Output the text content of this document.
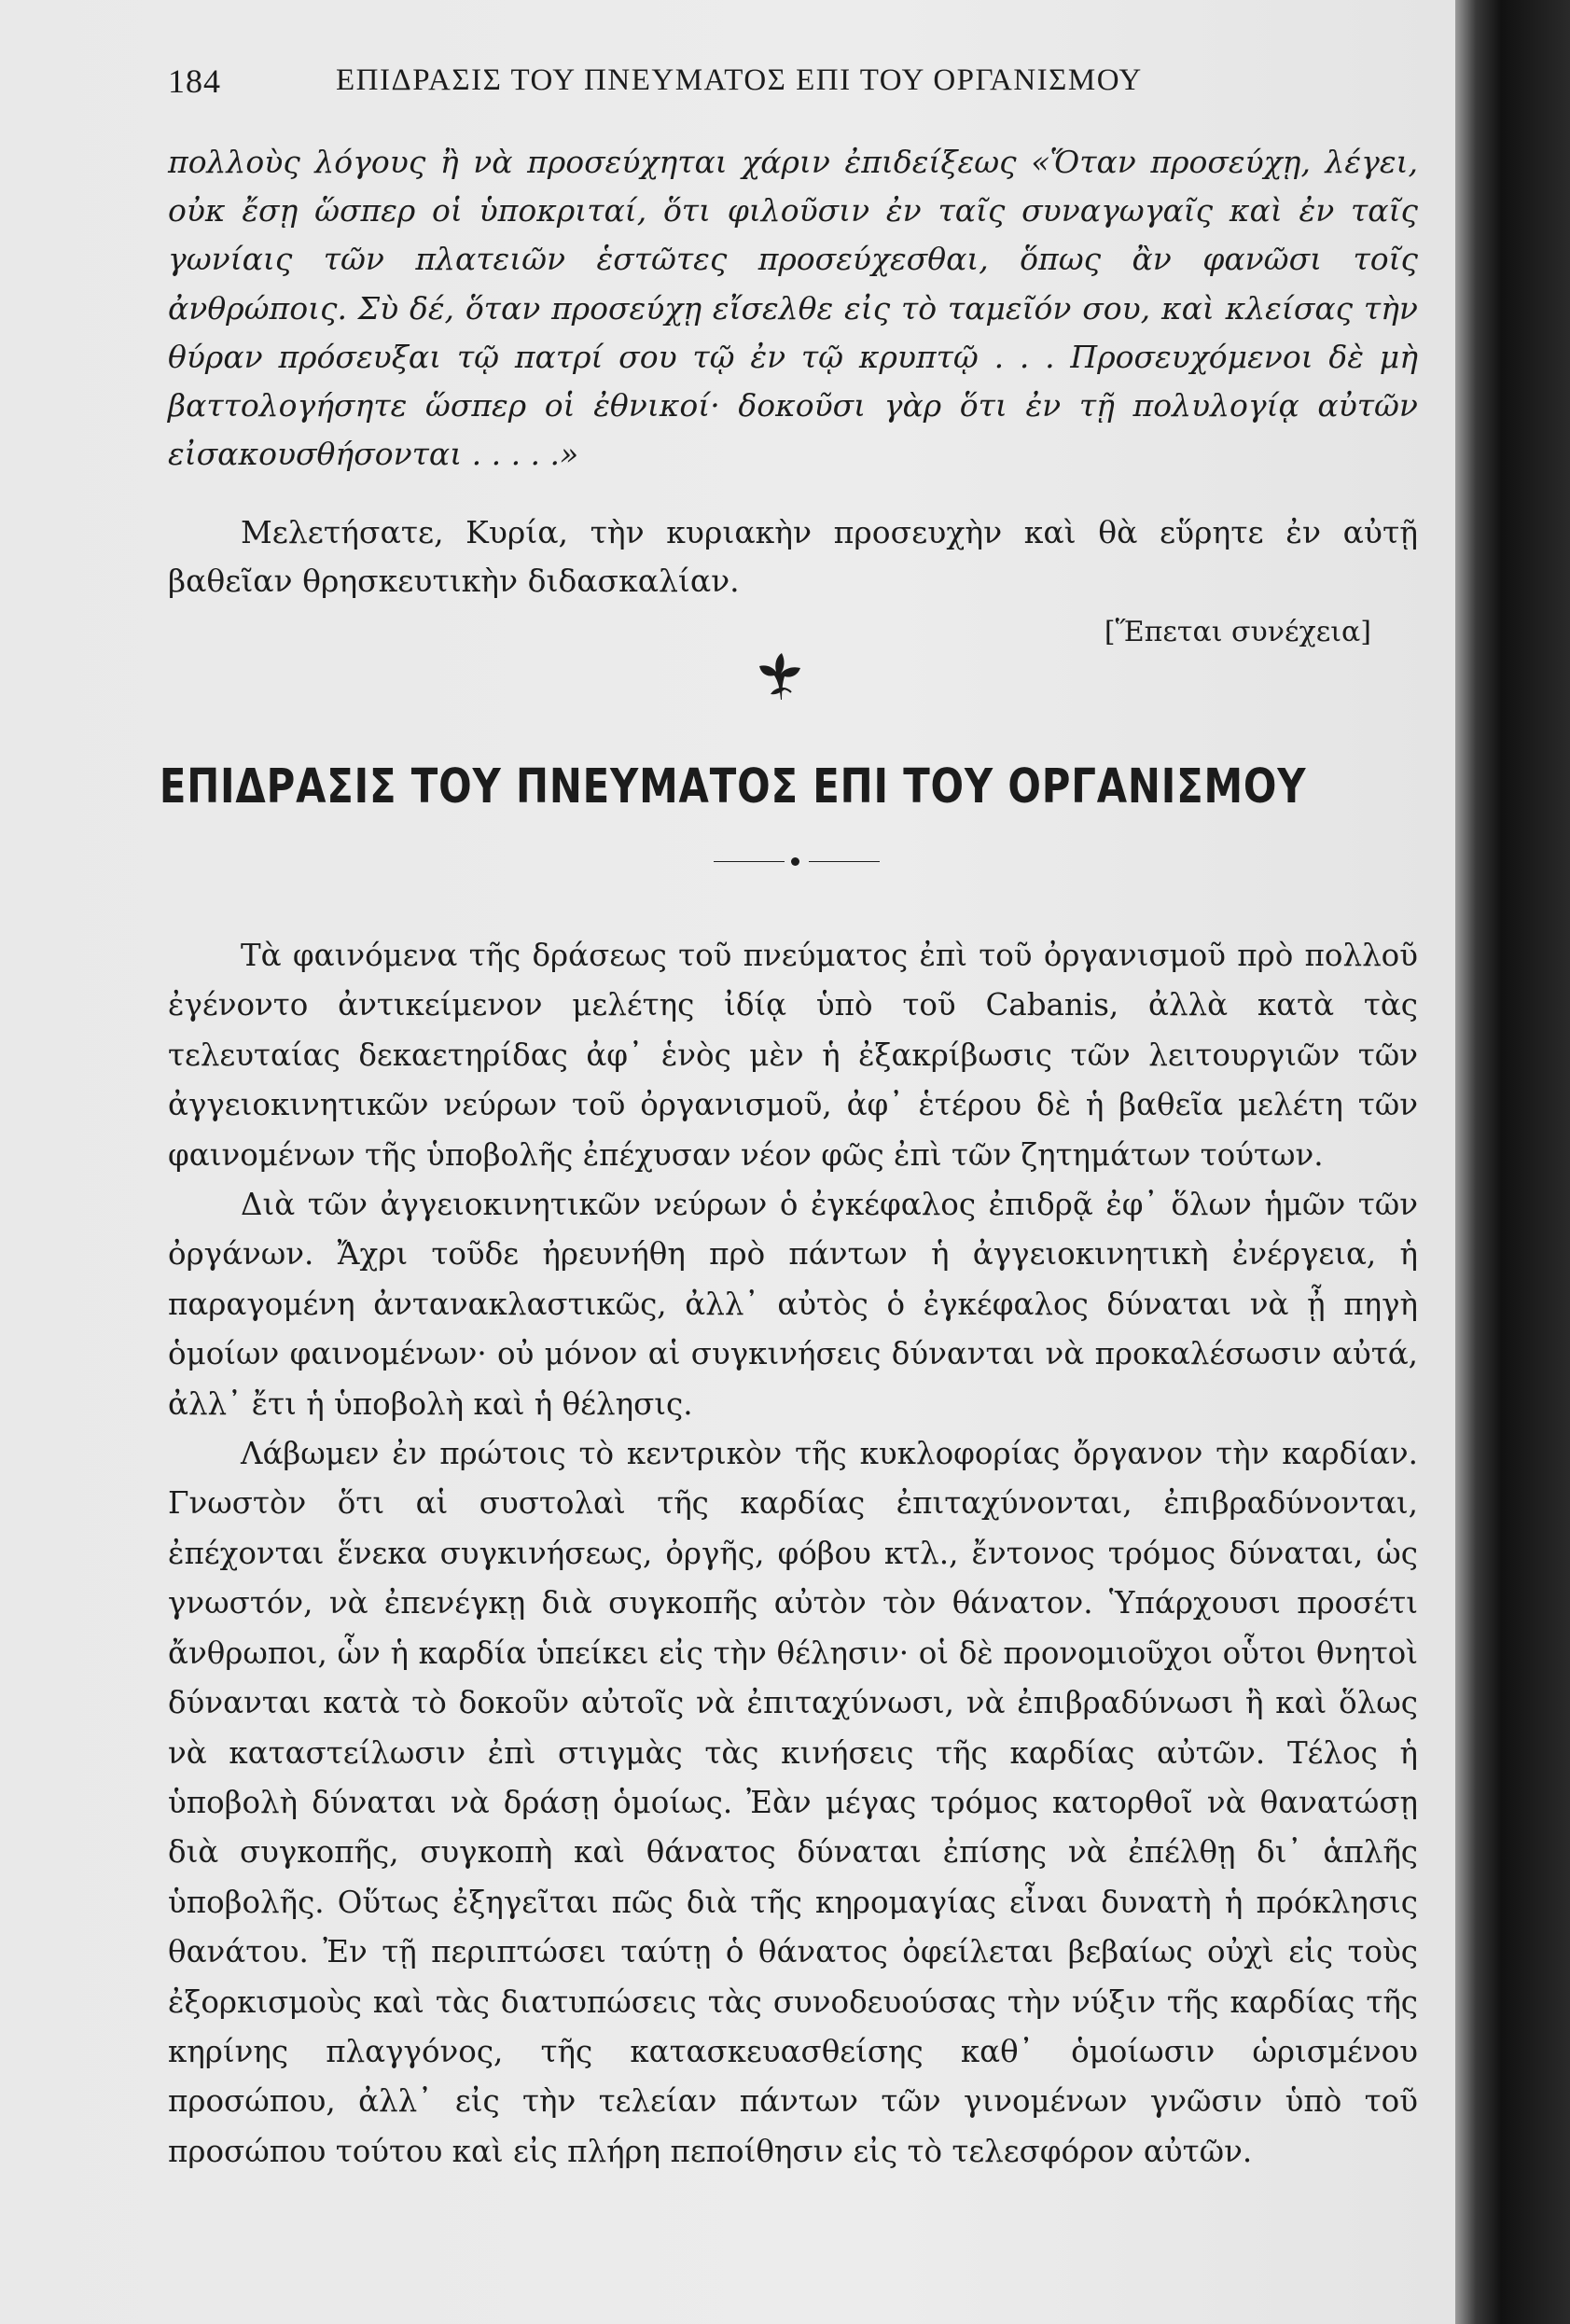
184	ΕΠΙΔΡΑΣΙΣ ΤΟΥ ΠΝΕΥΜΑΤΟΣ ΕΠΙ ΤΟΥ ΟΡΓΑΝΙΣΜΟΥ

πολλοὺς λόγους ἢ νὰ προσεύχηται χάριν ἐπιδείξεως «Ὅταν προσεύχῃ, λέγει, οὐκ ἔσῃ ὥσπερ οἱ ὑποκριταί, ὅτι φιλοῦσιν ἐν ταῖς συναγωγαῖς καὶ ἐν ταῖς γωνίαις τῶν πλατειῶν ἑστῶτες προσεύχεσθαι, ὅπως ἂν φανῶσι τοῖς ἀνθρώποις. Σὺ δέ, ὅταν προσεύχῃ εἴσελθε εἰς τὸ ταμεῖόν σου, καὶ κλείσας τὴν θύραν πρόσευξαι τῷ πατρί σου τῷ ἐν τῷ κρυπτῷ . . . Προσευχόμενοι δὲ μὴ βαττολογήσητε ὥσπερ οἱ ἐθνικοί· δοκοῦσι γὰρ ὅτι ἐν τῇ πολυλογίᾳ αὐτῶν εἰσακουσθήσονται . . . . .»

Μελετήσατε, Κυρία, τὴν κυριακὴν προσευχὴν καὶ θὰ εὕρητε ἐν αὐτῇ βαθεῖαν θρησκευτικὴν διδασκαλίαν.

[Ἕπεται συνέχεια]
ΕΠΙΔΡΑΣΙΣ ΤΟΥ ΠΝΕΥΜΑΤΟΣ ΕΠΙ ΤΟΥ ΟΡΓΑΝΙΣΜΟΥ

Τὰ φαινόμενα τῆς δράσεως τοῦ πνεύματος ἐπὶ τοῦ ὀργανισμοῦ πρὸ πολλοῦ ἐγένοντο ἀντικείμενον μελέτης ἰδίᾳ ὑπὸ τοῦ Cabanis, ἀλλὰ κατὰ τὰς τελευταίας δεκαετηρίδας ἀφ᾽ ἑνὸς μὲν ἡ ἐξακρίβωσις τῶν λειτουργιῶν τῶν ἀγγειοκινητικῶν νεύρων τοῦ ὀργανισμοῦ, ἀφ᾽ ἑτέρου δὲ ἡ βαθεῖα μελέτη τῶν φαινομένων τῆς ὑποβολῆς ἐπέχυσαν νέον φῶς ἐπὶ τῶν ζητημάτων τούτων.

Διὰ τῶν ἀγγειοκινητικῶν νεύρων ὁ ἐγκέφαλος ἐπιδρᾷ ἐφ᾽ ὅλων ἡμῶν τῶν ὀργάνων. Ἄχρι τοῦδε ἠρευνήθη πρὸ πάντων ἡ ἀγγειοκινητικὴ ἐνέργεια, ἡ παραγομένη ἀντανακλαστικῶς, ἀλλ᾽ αὐτὸς ὁ ἐγκέφαλος δύναται νὰ ᾖ πηγὴ ὁμοίων φαινομένων· οὐ μόνον αἱ συγκινήσεις δύνανται νὰ προκαλέσωσιν αὐτά, ἀλλ᾽ ἔτι ἡ ὑποβολὴ καὶ ἡ θέλησις.

Λάβωμεν ἐν πρώτοις τὸ κεντρικὸν τῆς κυκλοφορίας ὄργανον τὴν καρδίαν. Γνωστὸν ὅτι αἱ συστολαὶ τῆς καρδίας ἐπιταχύνονται, ἐπιβραδύνονται, ἐπέχονται ἕνεκα συγκινήσεως, ὀργῆς, φόβου κτλ., ἔντονος τρόμος δύναται, ὡς γνωστόν, νὰ ἐπενέγκῃ διὰ συγκοπῆς αὐτὸν τὸν θάνατον. Ὑπάρχουσι προσέτι ἄνθρωποι, ὧν ἡ καρδία ὑπείκει εἰς τὴν θέλησιν· οἱ δὲ προνομιοῦχοι οὗτοι θνητοὶ δύνανται κατὰ τὸ δοκοῦν αὐτοῖς νὰ ἐπιταχύνωσι, νὰ ἐπιβραδύνωσι ἢ καὶ ὅλως νὰ καταστείλωσιν ἐπὶ στιγμὰς τὰς κινήσεις τῆς καρδίας αὐτῶν. Τέλος ἡ ὑποβολὴ δύναται νὰ δράσῃ ὁμοίως. Ἐὰν μέγας τρόμος κατορθοῖ νὰ θανατώσῃ διὰ συγκοπῆς, συγκοπὴ καὶ θάνατος δύναται ἐπίσης νὰ ἐπέλθῃ δι᾽ ἁπλῆς ὑποβολῆς. Οὕτως ἐξηγεῖται πῶς διὰ τῆς κηρομαγίας εἶναι δυνατὴ ἡ πρόκλησις θανάτου. Ἐν τῇ περιπτώσει ταύτῃ ὁ θάνατος ὀφείλεται βεβαίως οὐχὶ εἰς τοὺς ἐξορκισμοὺς καὶ τὰς διατυπώσεις τὰς συνοδευούσας τὴν νύξιν τῆς καρδίας τῆς κηρίνης πλαγγόνος, τῆς κατασκευασθείσης καθ᾽ ὁμοίωσιν ὡρισμένου προσώπου, ἀλλ᾽ εἰς τὴν τελείαν πάντων τῶν γινομένων γνῶσιν ὑπὸ τοῦ προσώπου τούτου καὶ εἰς πλήρη πεποίθησιν εἰς τὸ τελεσφόρον αὐτῶν.
